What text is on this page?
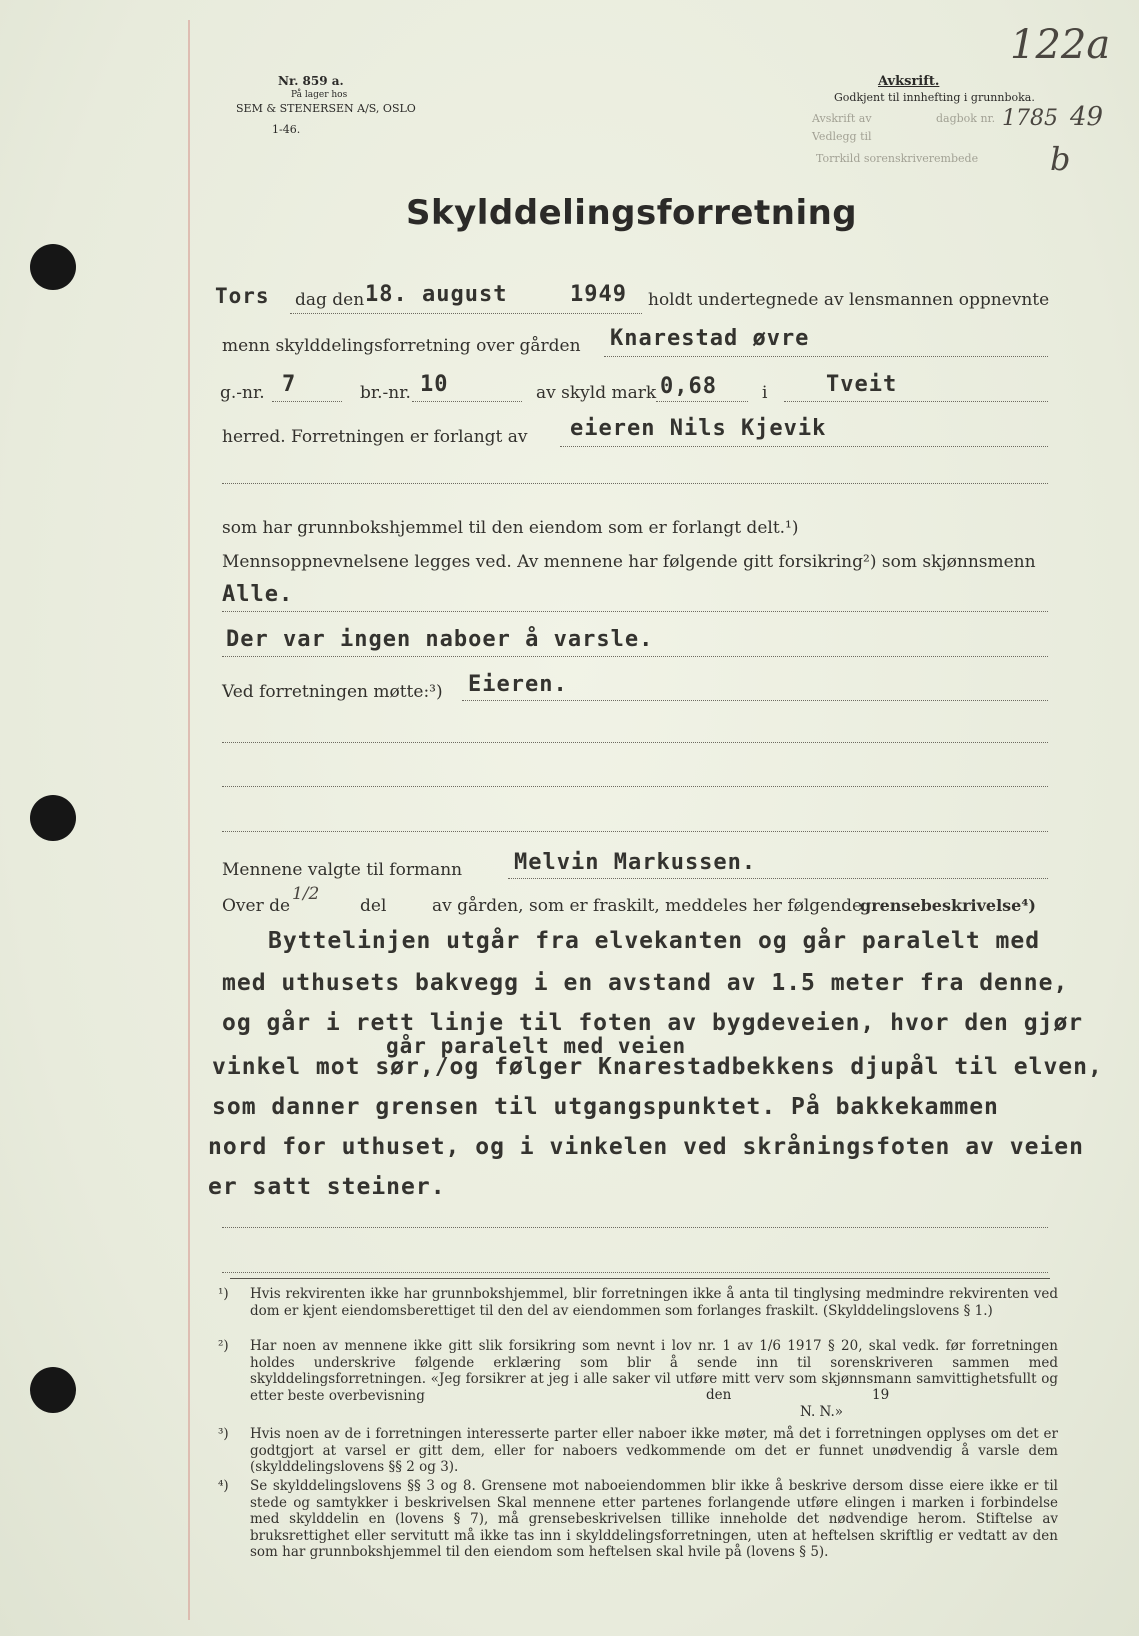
122a
Nr. 859 a.
På lager hos
SEM & STENERSEN A/S, OSLO
1-46.
Avksrift.
Godkjent til innhefting i grunnboka.
Avskrift av	dagbok nr. 1785 49
Vedlegg til
Torrkild sorenskriverembede b
Skylddelingsforretning
Tors dag den 18. august	1949 holdt undertegnede av lensmannen oppnevnte
menn skylddelingsforretning over gården Knarestad øvre
g.-nr. 7	br.-nr. 10	av skyld mark 0,68	i	Tveit
herred. Forretningen er forlangt av eieren Nils Kjevik
som har grunnbokshjemmel til den eiendom som er forlangt delt.¹)
Mennsoppnevnelsene legges ved. Av mennene har følgende gitt forsikring²) som skjønnsmenn
Alle.
Der var ingen naboer å varsle.
Ved forretningen møtte:³) Eieren.
Mennene valgte til formann Melvin Markussen.
Over de
1/2
del	av gården, som er fraskilt, meddeles her følgende
grensebeskrivelse⁴)
Byttelinjen utgår fra elvekanten og går paralelt med
med uthusets bakvegg i en avstand av 1.5 meter fra denne,
og går i rett linje til foten av bygdeveien, hvor den gjør
går paralelt med veien
vinkel mot sør,/og følger Knarestadbekkens djupål til elven,
som danner grensen til utgangspunktet. På bakkekammen
nord for uthuset, og i vinkelen ved skråningsfoten av veien
er satt steiner.
¹) Hvis rekvirenten ikke har grunnbokshjemmel, blir forretningen ikke å anta til tinglysing medmindre rekvirenten ved dom er kjent eiendomsberettiget til den del av eiendommen som forlanges fraskilt. (Skylddelingslovens § 1.)
²) Har noen av mennene ikke gitt slik forsikring som nevnt i lov nr. 1 av 1/6 1917 § 20, skal vedk. før forretningen holdes underskrive følgende erklæring som blir å sende inn til sorenskriveren sammen med skylddelingsforretningen. «Jeg forsikrer at jeg i alle saker vil utføre mitt verv som skjønnsmann samvittighetsfullt og etter beste overbevisning	den	19
N. N.»
³) Hvis noen av de i forretningen interesserte parter eller naboer ikke møter, må det i forretningen opplyses om det er godtgjort at varsel er gitt dem, eller for naboers vedkommende om det er funnet unødvendig å varsle dem (skylddelingslovens §§ 2 og 3).
⁴) Se skylddelingslovens §§ 3 og 8. Grensene mot naboeiendommen blir ikke å beskrive dersom disse eiere ikke er til stede og samtykker i beskrivelsen Skal mennene etter partenes forlangende utføre elingen i marken i forbindelse med skylddelin en (lovens § 7), må grensebeskrivelsen tillike inneholde det nødvendige herom. Stiftelse av bruksrettighet eller servitutt må ikke tas inn i skylddelingsforretningen, uten at heftelsen skriftlig er vedtatt av den som har grunnbokshjemmel til den eiendom som heftelsen skal hvile på (lovens § 5).
